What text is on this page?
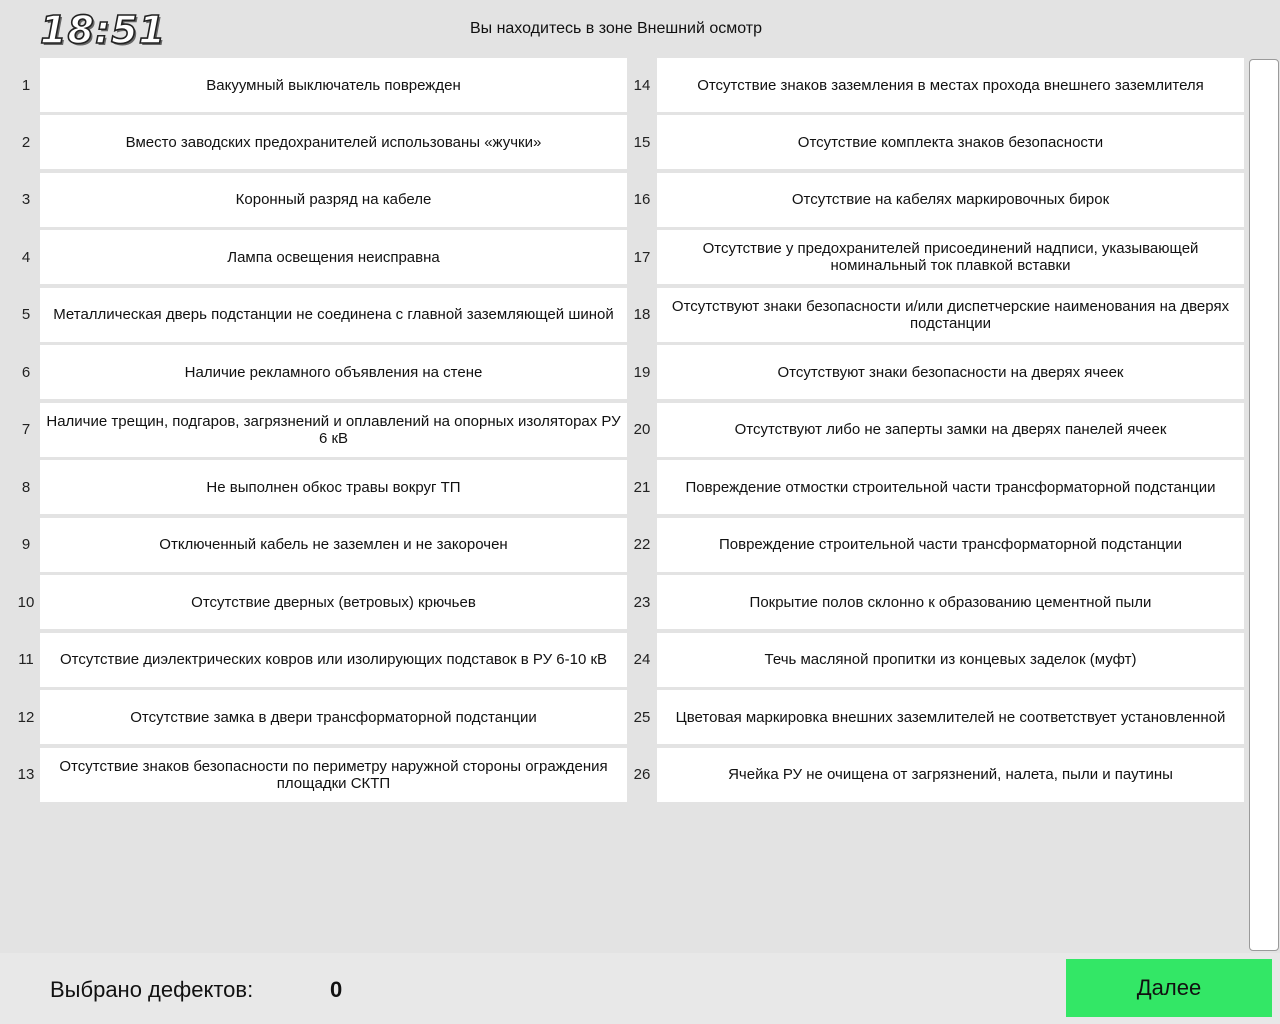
18:51	Вы находитесь в зоне Внешний осмотр
1	Вакуумный выключатель поврежден	14	Отсутствие знаков заземления в местах прохода внешнего заземлителя
2	Вместо заводских предохранителей использованы «жучки»	15	Отсутствие комплекта знаков безопасности
3	Коронный разряд на кабеле	16	Отсутствие на кабелях маркировочных бирок
4	Лампа освещения неисправна	17	Отсутствие у предохранителей присоединений надписи, указывающей номинальный ток плавкой вставки
5	Металлическая дверь подстанции не соединена с главной заземляющей шиной	18	Отсутствуют знаки безопасности и/или диспетчерские наименования на дверях подстанции
6	Наличие рекламного объявления на стене	19	Отсутствуют знаки безопасности на дверях ячеек
7	Наличие трещин, подгаров, загрязнений и оплавлений на опорных изоляторах РУ 6 кВ	20	Отсутствуют либо не заперты замки на дверях панелей ячеек
8	Не выполнен обкос травы вокруг ТП	21	Повреждение отмостки строительной части трансформаторной подстанции
9	Отключенный кабель не заземлен и не закорочен	22	Повреждение строительной части трансформаторной подстанции
10	Отсутствие дверных (ветровых) крючьев	23	Покрытие полов склонно к образованию цементной пыли
11	Отсутствие диэлектрических ковров или изолирующих подставок в РУ 6-10 кВ	24	Течь масляной пропитки из концевых заделок (муфт)
12	Отсутствие замка в двери трансформаторной подстанции	25	Цветовая маркировка внешних заземлителей не соответствует установленной
13	Отсутствие знаков безопасности по периметру наружной стороны ограждения площадки СКТП	26	Ячейка РУ не очищена от загрязнений, налета, пыли и паутины
Выбрано дефектов:	0	Далее
